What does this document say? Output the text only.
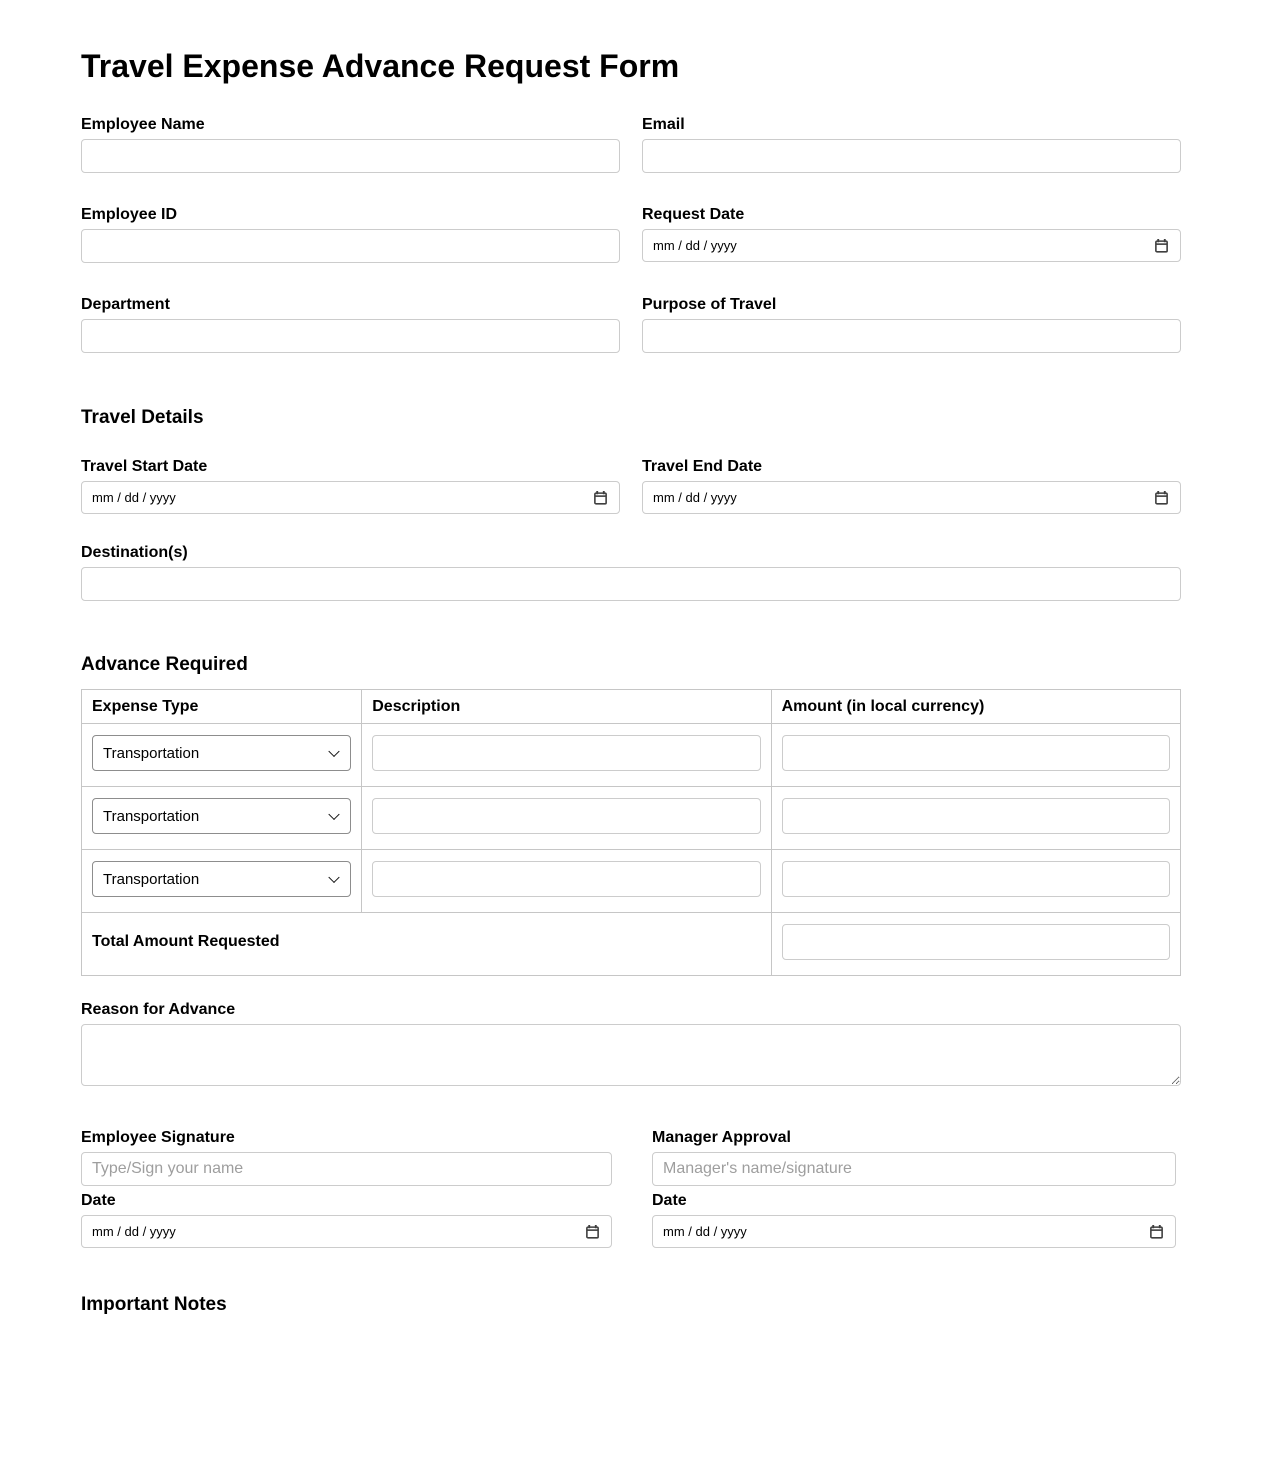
Travel Expense Advance Request Form
Employee Name	Email
Employee ID	Request Date
mm / dd / yyyy
Department	Purpose of Travel
Travel Details
Travel Start Date
mm / dd / yyyy
Travel End Date
mm / dd / yyyy
Destination(s)
Advance Required
Expense Type	Description	Amount (in local currency)

Transportation

Transportation

Transportation

Total Amount Requested	
Reason for Advance
Employee Signature
Type/Sign your name
Date
mm / dd / yyyy
Manager Approval
Manager's name/signature
Date
mm / dd / yyyy
Important Notes
